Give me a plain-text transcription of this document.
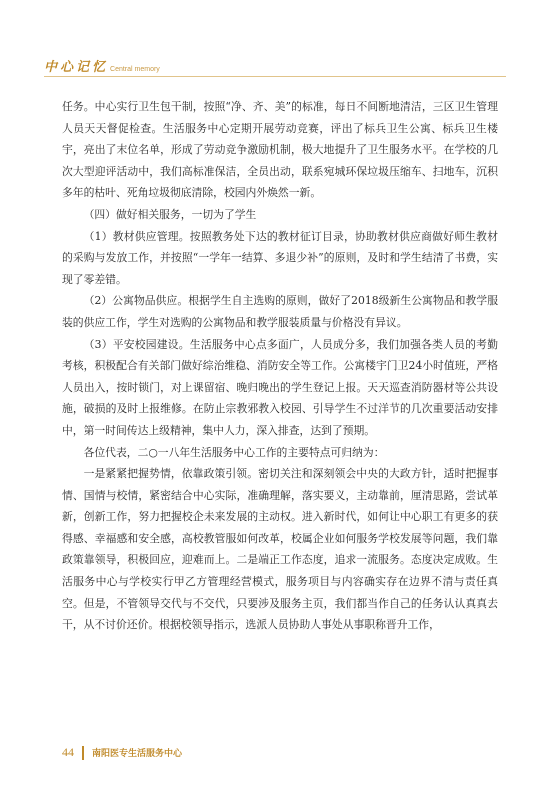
中心记忆 Central memory

任务。中心实行卫生包干制，按照“净、齐、美”的标准，每日不间断地清洁，三区卫生管理人员天天督促检查。生活服务中心定期开展劳动竞赛，评出了标兵卫生公寓、标兵卫生楼宇，亮出了末位名单，形成了劳动竞争激励机制，极大地提升了卫生服务水平。在学校的几次大型迎评活动中，我们高标准保洁，全员出动，联系宛城环保垃圾压缩车、扫地车，沉积多年的枯叶、死角垃圾彻底清除，校园内外焕然一新。

（四）做好相关服务，一切为了学生

（1）教材供应管理。按照教务处下达的教材征订目录，协助教材供应商做好师生教材的采购与发放工作，并按照“一学年一结算、多退少补”的原则，及时和学生结清了书费，实现了零差错。

（2）公寓物品供应。根据学生自主选购的原则，做好了2018级新生公寓物品和教学服装的供应工作，学生对选购的公寓物品和教学服装质量与价格没有异议。

（3）平安校园建设。生活服务中心点多面广，人员成分多，我们加强各类人员的考勤考核，积极配合有关部门做好综治维稳、消防安全等工作。公寓楼宇门卫24小时值班，严格人员出入，按时锁门，对上课留宿、晚归晚出的学生登记上报。天天巡查消防器材等公共设施，破损的及时上报维修。在防止宗教邪教入校园、引导学生不过洋节的几次重要活动安排中，第一时间传达上级精神，集中人力，深入排查，达到了预期。

各位代表，二○一八年生活服务中心工作的主要特点可归纳为：

一是紧紧把握势情，依靠政策引领。密切关注和深刻领会中央的大政方针，适时把握事情、国情与校情，紧密结合中心实际，准确理解，落实要义，主动靠前，厘清思路，尝试革新，创新工作，努力把握校企未来发展的主动权。进入新时代，如何让中心职工有更多的获得感、幸福感和安全感，高校教管服如何改革，校属企业如何服务学校发展等问题，我们靠政策靠领导，积极回应，迎难而上。二是端正工作态度，追求一流服务。态度决定成败。生活服务中心与学校实行甲乙方管理经营模式，服务项目与内容确实存在边界不清与责任真空。但是，不管领导交代与不交代，只要涉及服务主页，我们都当作自己的任务认认真真去干，从不讨价还价。根据校领导指示，选派人员协助人事处从事职称晋升工作，

44 南阳医专生活服务中心
